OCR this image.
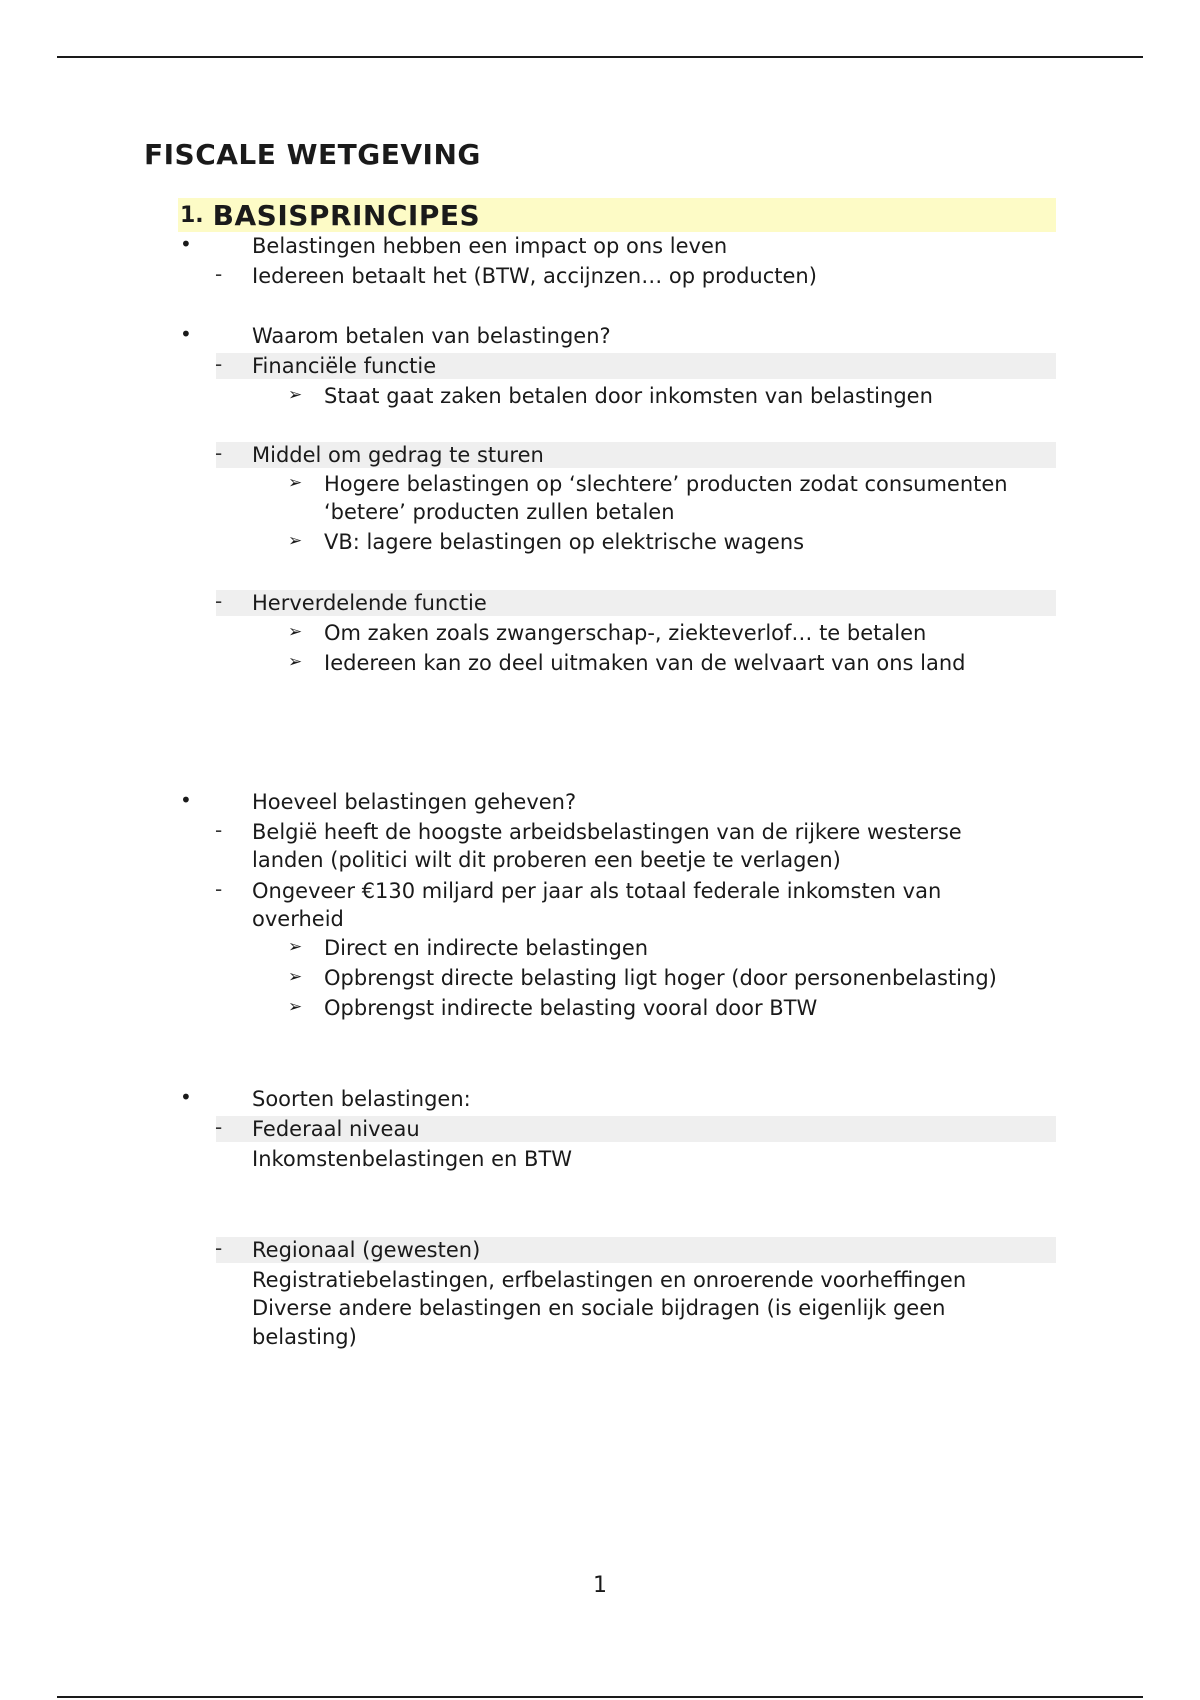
FISCALE WETGEVING
1. BASISPRINCIPES
•	Belastingen hebben een impact op ons leven
- Iedereen betaalt het (BTW, accijnzen… op producten)
•	Waarom betalen van belastingen?
- Financiële functie
➢ Staat gaat zaken betalen door inkomsten van belastingen
- Middel om gedrag te sturen
➢ Hogere belastingen op ‘slechtere’ producten zodat consumenten
‘betere’ producten zullen betalen
➢ VB: lagere belastingen op elektrische wagens
- Herverdelende functie
➢ Om zaken zoals zwangerschap-, ziekteverlof… te betalen
➢ Iedereen kan zo deel uitmaken van de welvaart van ons land
•	Hoeveel belastingen geheven?
- België heeft de hoogste arbeidsbelastingen van de rijkere westerse
landen (politici wilt dit proberen een beetje te verlagen)
- Ongeveer €130 miljard per jaar als totaal federale inkomsten van
overheid
➢ Direct en indirecte belastingen
➢ Opbrengst directe belasting ligt hoger (door personenbelasting)
➢ Opbrengst indirecte belasting vooral door BTW
•	Soorten belastingen:
- Federaal niveau
Inkomstenbelastingen en BTW
- Regionaal (gewesten)
Registratiebelastingen, erfbelastingen en onroerende voorheffingen
Diverse andere belastingen en sociale bijdragen (is eigenlijk geen
belasting)
1
